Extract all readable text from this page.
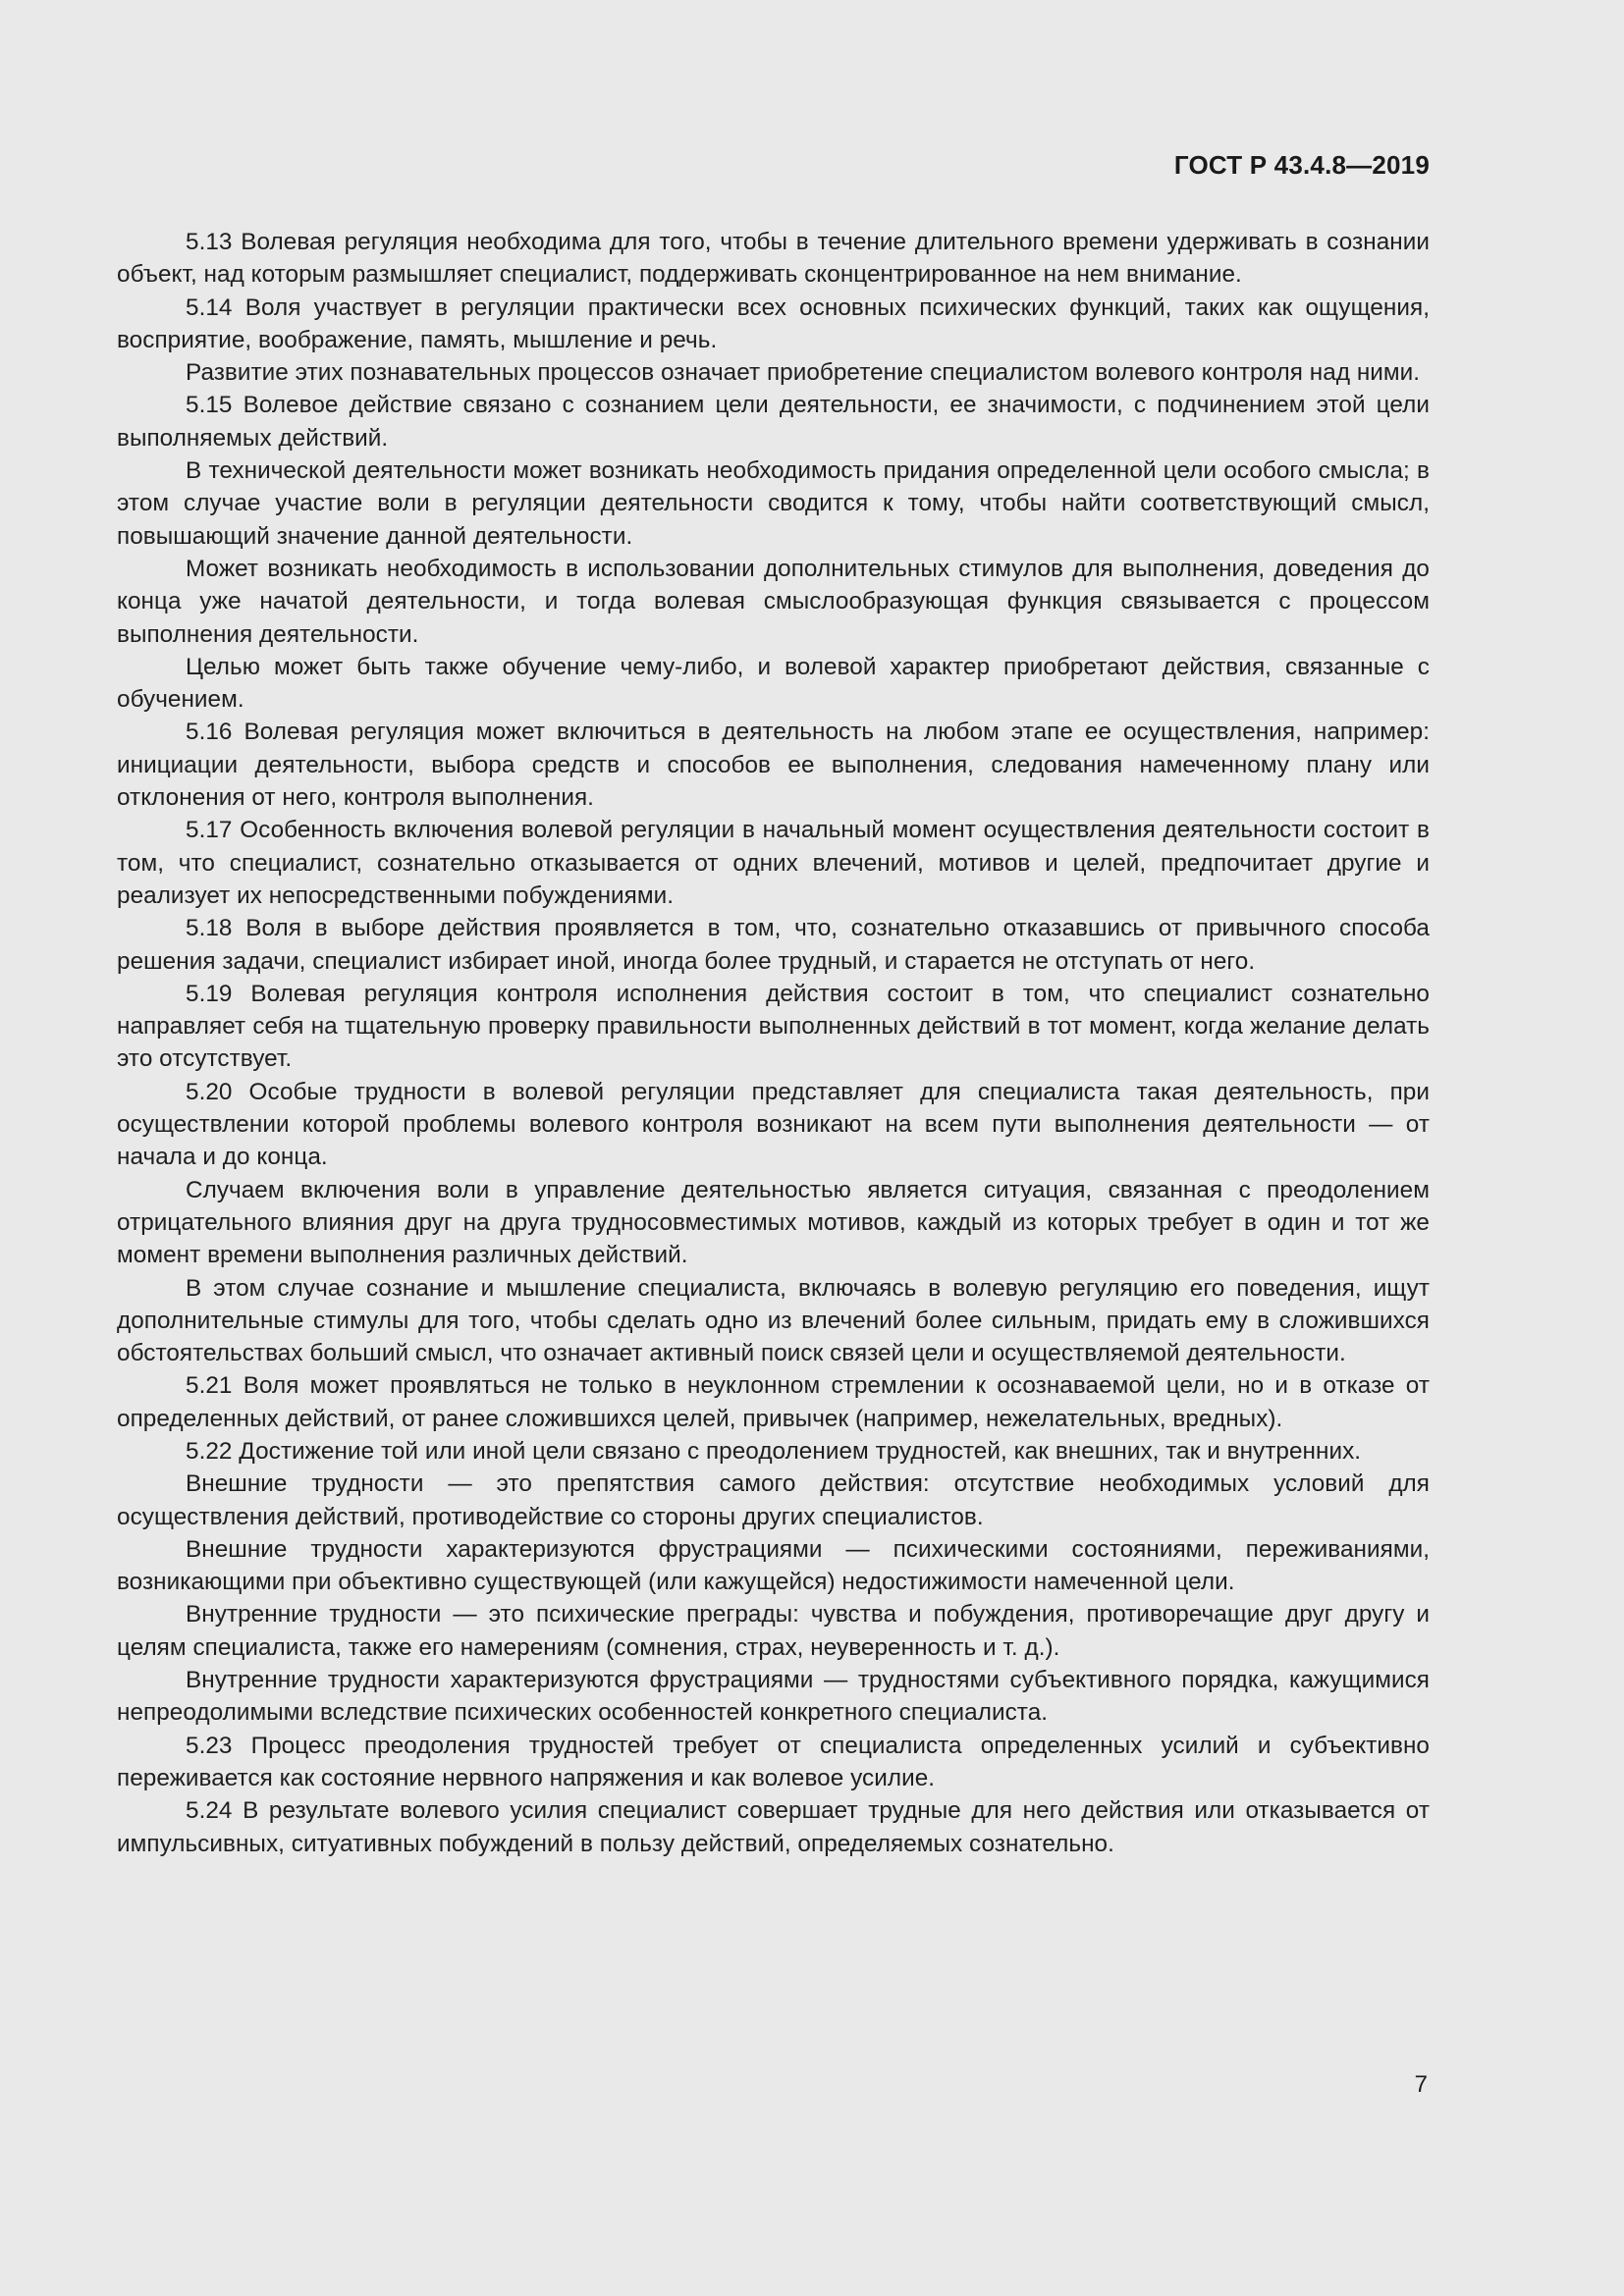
ГОСТ Р 43.4.8—2019

5.13 Волевая регуляция необходима для того, чтобы в течение длительного времени удерживать в сознании объект, над которым размышляет специалист, поддерживать сконцентрированное на нем внимание.

5.14 Воля участвует в регуляции практически всех основных психических функций, таких как ощущения, восприятие, воображение, память, мышление и речь.

Развитие этих познавательных процессов означает приобретение специалистом волевого контроля над ними.

5.15 Волевое действие связано с сознанием цели деятельности, ее значимости, с подчинением этой цели выполняемых действий.

В технической деятельности может возникать необходимость придания определенной цели особого смысла; в этом случае участие воли в регуляции деятельности сводится к тому, чтобы найти соответствующий смысл, повышающий значение данной деятельности.

Может возникать необходимость в использовании дополнительных стимулов для выполнения, доведения до конца уже начатой деятельности, и тогда волевая смыслообразующая функция связывается с процессом выполнения деятельности.

Целью может быть также обучение чему-либо, и волевой характер приобретают действия, связанные с обучением.

5.16 Волевая регуляция может включиться в деятельность на любом этапе ее осуществления, например: инициации деятельности, выбора средств и способов ее выполнения, следования намеченному плану или отклонения от него, контроля выполнения.

5.17 Особенность включения волевой регуляции в начальный момент осуществления деятельности состоит в том, что специалист, сознательно отказывается от одних влечений, мотивов и целей, предпочитает другие и реализует их непосредственными побуждениями.

5.18 Воля в выборе действия проявляется в том, что, сознательно отказавшись от привычного способа решения задачи, специалист избирает иной, иногда более трудный, и старается не отступать от него.

5.19 Волевая регуляция контроля исполнения действия состоит в том, что специалист сознательно направляет себя на тщательную проверку правильности выполненных действий в тот момент, когда желание делать это отсутствует.

5.20 Особые трудности в волевой регуляции представляет для специалиста такая деятельность, при осуществлении которой проблемы волевого контроля возникают на всем пути выполнения деятельности — от начала и до конца.

Случаем включения воли в управление деятельностью является ситуация, связанная с преодолением отрицательного влияния друг на друга трудносовместимых мотивов, каждый из которых требует в один и тот же момент времени выполнения различных действий.

В этом случае сознание и мышление специалиста, включаясь в волевую регуляцию его поведения, ищут дополнительные стимулы для того, чтобы сделать одно из влечений более сильным, придать ему в сложившихся обстоятельствах больший смысл, что означает активный поиск связей цели и осуществляемой деятельности.

5.21 Воля может проявляться не только в неуклонном стремлении к осознаваемой цели, но и в отказе от определенных действий, от ранее сложившихся целей, привычек (например, нежелательных, вредных).

5.22 Достижение той или иной цели связано с преодолением трудностей, как внешних, так и внутренних.

Внешние трудности — это препятствия самого действия: отсутствие необходимых условий для осуществления действий, противодействие со стороны других специалистов.

Внешние трудности характеризуются фрустрациями — психическими состояниями, переживаниями, возникающими при объективно существующей (или кажущейся) недостижимости намеченной цели.

Внутренние трудности — это психические преграды: чувства и побуждения, противоречащие друг другу и целям специалиста, также его намерениям (сомнения, страх, неуверенность и т. д.).

Внутренние трудности характеризуются фрустрациями — трудностями субъективного порядка, кажущимися непреодолимыми вследствие психических особенностей конкретного специалиста.

5.23 Процесс преодоления трудностей требует от специалиста определенных усилий и субъективно переживается как состояние нервного напряжения и как волевое усилие.

5.24 В результате волевого усилия специалист совершает трудные для него действия или отказывается от импульсивных, ситуативных побуждений в пользу действий, определяемых сознательно.

7
